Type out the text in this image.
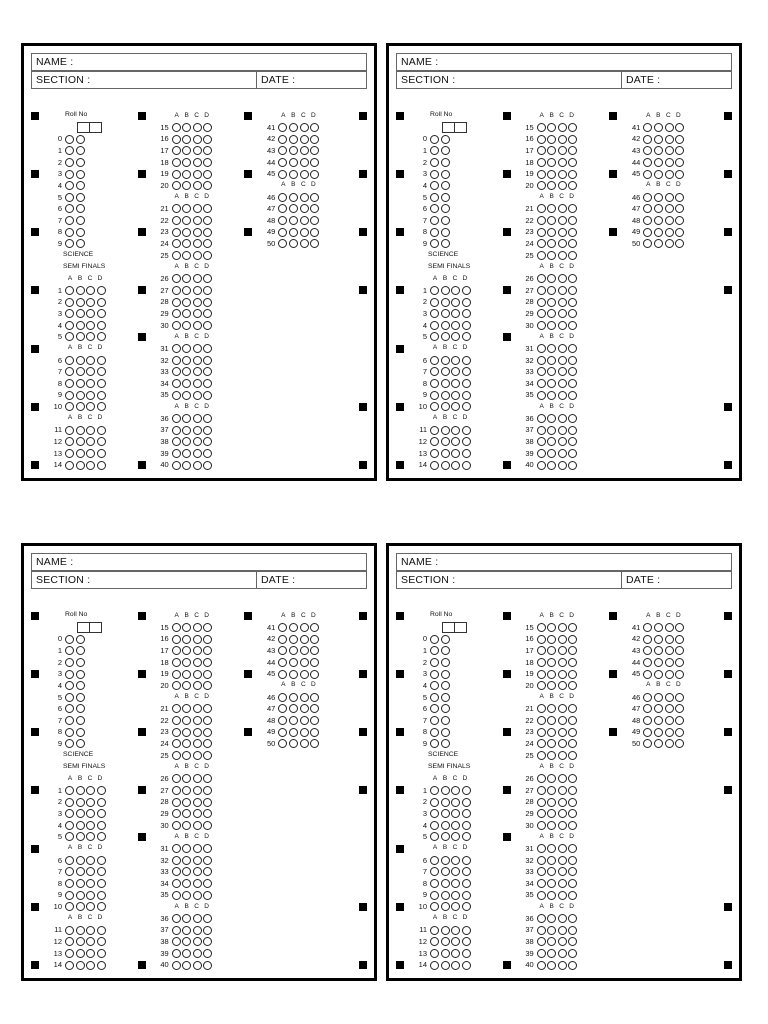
NAME :
SECTION :	DATE :
Roll No
0
1
2
3
4
5
6
7
8
9
SCIENCE
SEMI FINALS
A B C D
1
2
3
4
5
A B C D
6
7
8
9
10
A B C D
11
12
13
14
A B C D
15
16
17
18
19
20
A B C D
21
22
23
24
25
A B C D
26
27
28
29
30
A B C D
31
32
33
34
35
A B C D
36
37
38
39
40
A B C D
41
42
43
44
45
A B C D
46
47
48
49
50
NAME :
SECTION :	DATE :
Roll No
0
1
2
3
4
5
6
7
8
9
SCIENCE
SEMI FINALS
A B C D
1
2
3
4
5
A B C D
6
7
8
9
10
A B C D
11
12
13
14
A B C D
15
16
17
18
19
20
A B C D
21
22
23
24
25
A B C D
26
27
28
29
30
A B C D
31
32
33
34
35
A B C D
36
37
38
39
40
A B C D
41
42
43
44
45
A B C D
46
47
48
49
50
NAME :
SECTION :	DATE :
Roll No
0
1
2
3
4
5
6
7
8
9
SCIENCE
SEMI FINALS
A B C D
1
2
3
4
5
A B C D
6
7
8
9
10
A B C D
11
12
13
14
A B C D
15
16
17
18
19
20
A B C D
21
22
23
24
25
A B C D
26
27
28
29
30
A B C D
31
32
33
34
35
A B C D
36
37
38
39
40
A B C D
41
42
43
44
45
A B C D
46
47
48
49
50
NAME :
SECTION :	DATE :
Roll No
0
1
2
3
4
5
6
7
8
9
SCIENCE
SEMI FINALS
A B C D
1
2
3
4
5
A B C D
6
7
8
9
10
A B C D
11
12
13
14
A B C D
15
16
17
18
19
20
A B C D
21
22
23
24
25
A B C D
26
27
28
29
30
A B C D
31
32
33
34
35
A B C D
36
37
38
39
40
A B C D
41
42
43
44
45
A B C D
46
47
48
49
50
